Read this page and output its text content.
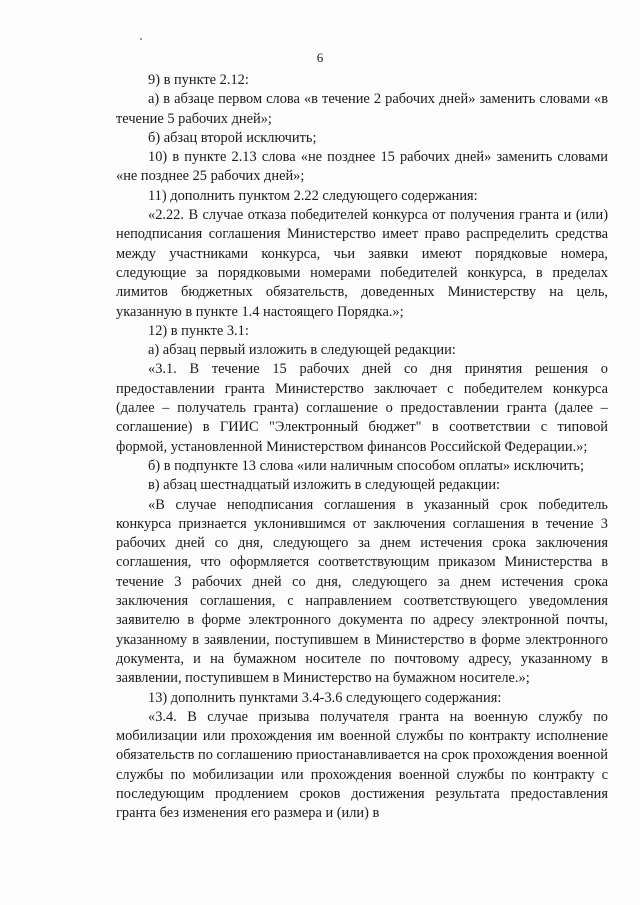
6

9) в пункте 2.12:

а) в абзаце первом слова «в течение 2 рабочих дней» заменить словами «в течение 5 рабочих дней»;

б) абзац второй исключить;

10) в пункте 2.13 слова «не позднее 15 рабочих дней» заменить словами «не позднее 25 рабочих дней»;

11) дополнить пунктом 2.22 следующего содержания:

«2.22. В случае отказа победителей конкурса от получения гранта и (или) неподписания соглашения Министерство имеет право распределить средства между участниками конкурса, чьи заявки имеют порядковые номера, следующие за порядковыми номерами победителей конкурса, в пределах лимитов бюджетных обязательств, доведенных Министерству на цель, указанную в пункте 1.4 настоящего Порядка.»;

12) в пункте 3.1:

а) абзац первый изложить в следующей редакции:

«3.1. В течение 15 рабочих дней со дня принятия решения о предоставлении гранта Министерство заключает с победителем конкурса (далее – получатель гранта) соглашение о предоставлении гранта (далее – соглашение) в ГИИС "Электронный бюджет" в соответствии с типовой формой, установленной Министерством финансов Российской Федерации.»;

б) в подпункте 13 слова «или наличным способом оплаты» исключить;

в) абзац шестнадцатый изложить в следующей редакции:

«В случае неподписания соглашения в указанный срок победитель конкурса признается уклонившимся от заключения соглашения в течение 3 рабочих дней со дня, следующего за днем истечения срока заключения соглашения, что оформляется соответствующим приказом Министерства в течение 3 рабочих дней со дня, следующего за днем истечения срока заключения соглашения, с направлением соответствующего уведомления заявителю в форме электронного документа по адресу электронной почты, указанному в заявлении, поступившем в Министерство в форме электронного документа, и на бумажном носителе по почтовому адресу, указанному в заявлении, поступившем в Министерство на бумажном носителе.»;

13) дополнить пунктами 3.4-3.6 следующего содержания:

«3.4. В случае призыва получателя гранта на военную службу по мобилизации или прохождения им военной службы по контракту исполнение обязательств по соглашению приостанавливается на срок прохождения военной службы по мобилизации или прохождения военной службы по контракту с последующим продлением сроков достижения результата предоставления гранта без изменения его размера и (или) в
